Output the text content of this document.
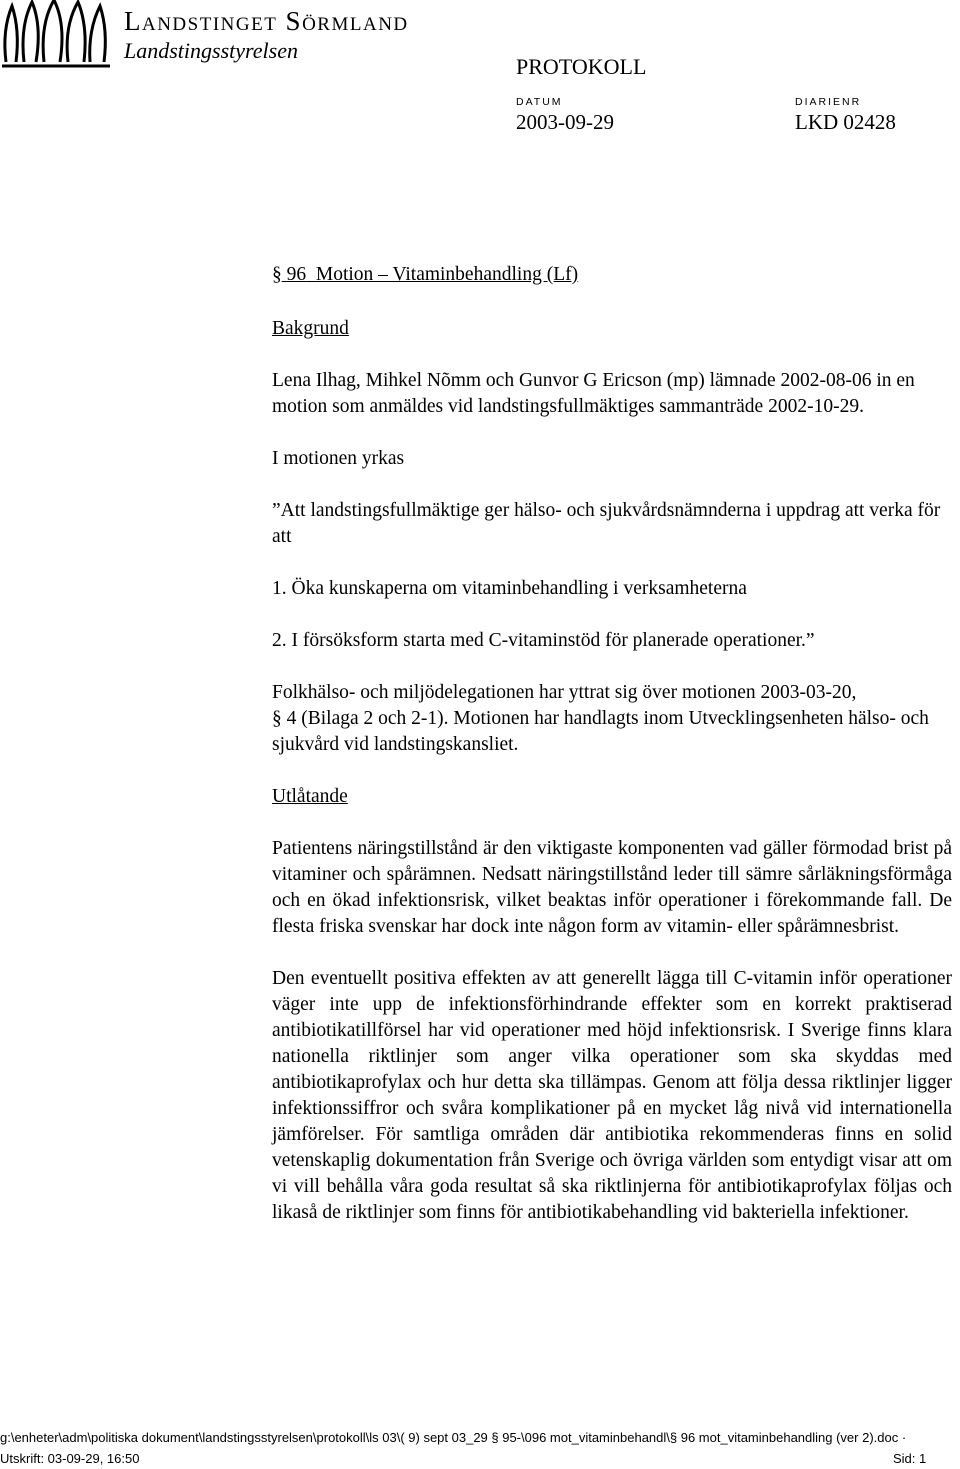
Landstinget Sörmland
Landstingsstyrelsen
PROTOKOLL
DATUM
2003-09-29
DIARIENR
LKD 02428

§ 96 Motion – Vitaminbehandling (Lf)

Bakgrund

Lena Ilhag, Mihkel Nõmm och Gunvor G Ericson (mp) lämnade 2002-08-06 in en motion som anmäldes vid landstingsfullmäktiges sammanträde 2002-10-29.

I motionen yrkas

”Att landstingsfullmäktige ger hälso- och sjukvårdsnämnderna i uppdrag att verka för att

1. Öka kunskaperna om vitaminbehandling i verksamheterna

2. I försöksform starta med C-vitaminstöd för planerade operationer.”

Folkhälso- och miljödelegationen har yttrat sig över motionen 2003-03-20,
§ 4 (Bilaga 2 och 2-1). Motionen har handlagts inom Utvecklingsenheten hälso- och sjukvård vid landstingskansliet.

Utlåtande

Patientens näringstillstånd är den viktigaste komponenten vad gäller förmodad brist på vitaminer och spårämnen. Nedsatt näringstillstånd leder till sämre sårläkningsförmåga och en ökad infektionsrisk, vilket beaktas inför operationer i förekommande fall. De flesta friska svenskar har dock inte någon form av vitamin- eller spårämnesbrist.

Den eventuellt positiva effekten av att generellt lägga till C-vitamin inför operationer väger inte upp de infektionsförhindrande effekter som en korrekt praktiserad antibiotikatillförsel har vid operationer med höjd infektionsrisk. I Sverige finns klara nationella riktlinjer som anger vilka operationer som ska skyddas med antibiotikaprofylax och hur detta ska tillämpas. Genom att följa dessa riktlinjer ligger infektionssiffror och svåra komplikationer på en mycket låg nivå vid internationella jämförelser. För samtliga områden där antibiotika rekommenderas finns en solid vetenskaplig dokumentation från Sverige och övriga världen som entydigt visar att om vi vill behålla våra goda resultat så ska riktlinjerna för antibiotikaprofylax följas och likaså de riktlinjer som finns för antibiotikabehandling vid bakteriella infektioner.

g:\enheter\adm\politiska dokument\landstingsstyrelsen\protokoll\ls 03\( 9) sept 03_29 § 95-\096 mot_vitaminbehandl\§ 96 mot_vitaminbehandling (ver 2).doc ·
Utskrift: 03-09-29, 16:50	Sid: 1
